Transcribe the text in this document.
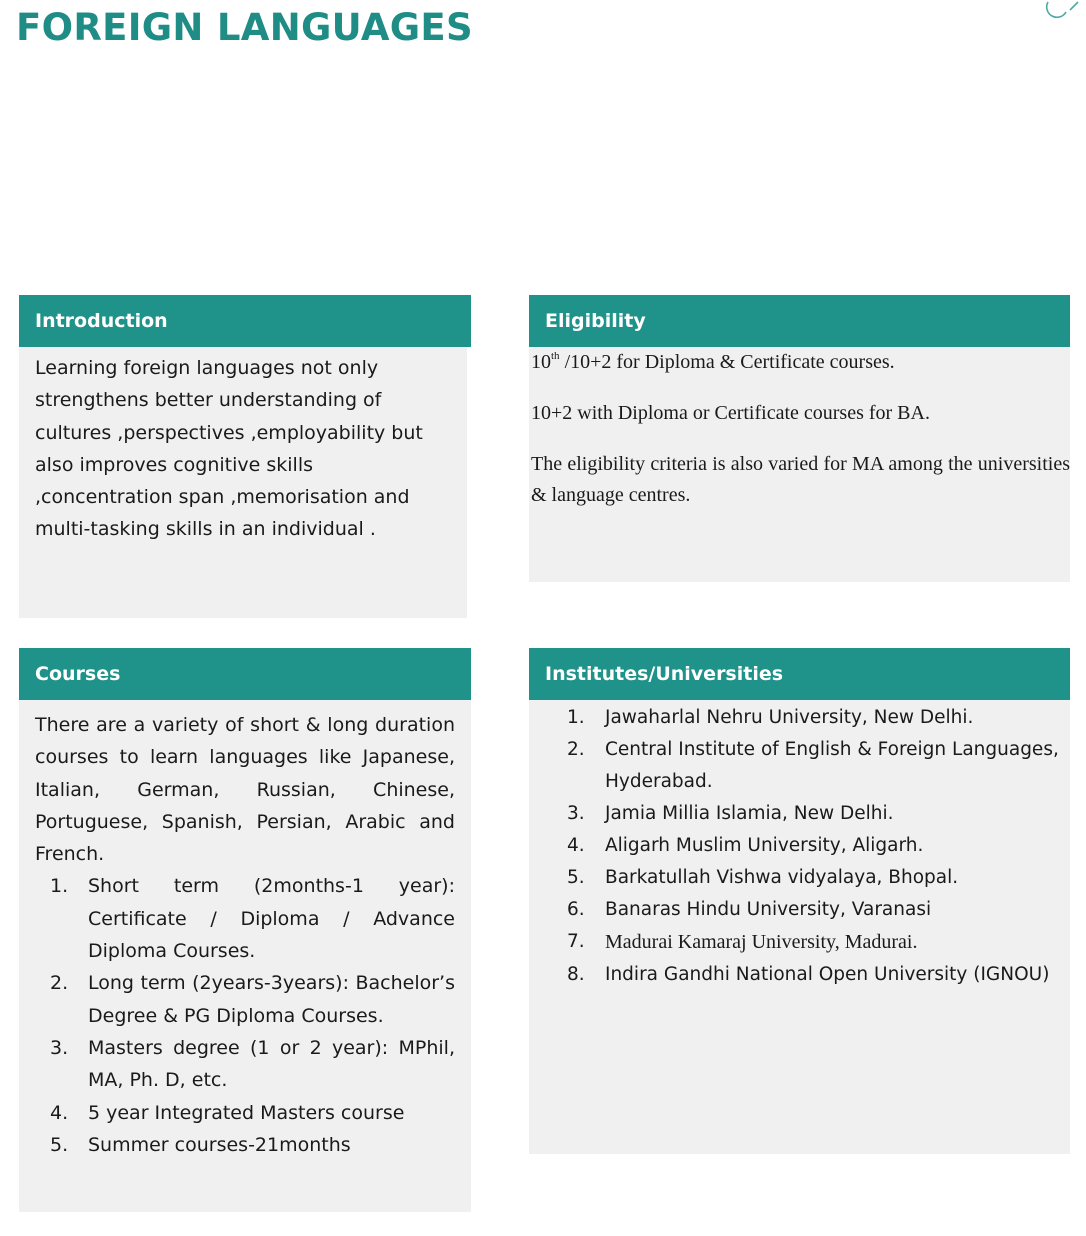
FOREIGN LANGUAGES
Introduction

Learning foreign languages not only strengthens better understanding of cultures ,perspectives ,employability but also improves cognitive skills ,concentration span ,memorisation and multi-tasking skills in an individual .

Eligibility

10th /10+2 for Diploma & Certificate courses.

10+2 with Diploma or Certificate courses for BA.

The eligibility criteria is also varied for MA among the universities & language centres.

Courses

There are a variety of short & long duration courses to learn languages like Japanese, Italian, German, Russian, Chinese, Portuguese, Spanish, Persian, Arabic and French.

1. Short term (2months-1 year): Certificate / Diploma / Advance Diploma Courses.
2. Long term (2years-3years): Bachelor’s Degree & PG Diploma Courses.
3. Masters degree (1 or 2 year): MPhil, MA, Ph. D, etc.
4. 5 year Integrated Masters course
5. Summer courses-21months
Institutes/Universities
1. Jawaharlal Nehru University, New Delhi.
2. Central Institute of English & Foreign Languages, Hyderabad.
3. Jamia Millia Islamia, New Delhi.
4. Aligarh Muslim University, Aligarh.
5. Barkatullah Vishwa vidyalaya, Bhopal.
6. Banaras Hindu University, Varanasi
7. Madurai Kamaraj University, Madurai.
8. Indira Gandhi National Open University (IGNOU)
